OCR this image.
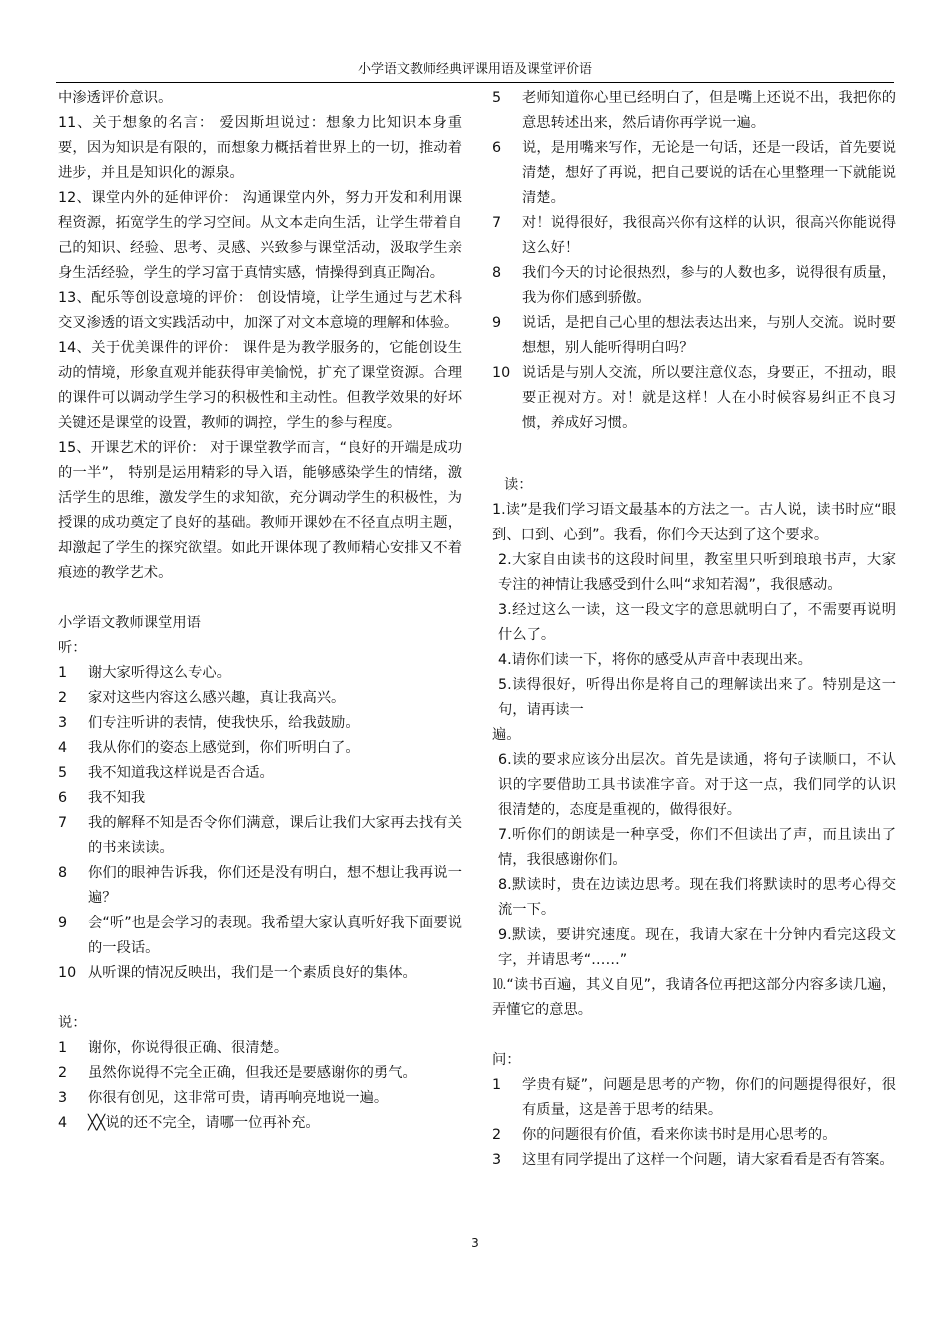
小学语文教师经典评课用语及课堂评价语

中渗透评价意识。

11、关于想象的名言： 爱因斯坦说过：想象力比知识本身重要，因为知识是有限的，而想象力概括着世界上的一切，推动着进步，并且是知识化的源泉。

12、课堂内外的延伸评价： 沟通课堂内外，努力开发和利用课程资源，拓宽学生的学习空间。从文本走向生活，让学生带着自己的知识、经验、思考、灵感、兴致参与课堂活动，汲取学生亲身生活经验，学生的学习富于真情实感，情操得到真正陶冶。

13、配乐等创设意境的评价： 创设情境，让学生通过与艺术科交叉渗透的语文实践活动中，加深了对文本意境的理解和体验。

14、关于优美课件的评价： 课件是为教学服务的，它能创设生动的情境，形象直观并能获得审美愉悦，扩充了课堂资源。合理的课件可以调动学生学习的积极性和主动性。但教学效果的好坏关键还是课堂的设置，教师的调控，学生的参与程度。

15、开课艺术的评价： 对于课堂教学而言，“良好的开端是成功的一半”， 特别是运用精彩的导入语，能够感染学生的情绪，激活学生的思维，激发学生的求知欲，充分调动学生的积极性，为授课的成功奠定了良好的基础。教师开课妙在不径直点明主题，却激起了学生的探究欲望。如此开课体现了教师精心安排又不着痕迹的教学艺术。

小学语文教师课堂用语

听：

1	谢大家听得这么专心。
2	家对这些内容这么感兴趣，真让我高兴。
3	们专注听讲的表情，使我快乐，给我鼓励。
4	我从你们的姿态上感觉到，你们听明白了。
5	我不知道我这样说是否合适。
6	我不知我
7	我的解释不知是否令你们满意，课后让我们大家再去找有关的书来读读。
8	你们的眼神告诉我，你们还是没有明白，想不想让我再说一遍？
9	会“听”也是会学习的表现。我希望大家认真听好我下面要说的一段话。
10 从听课的情况反映出，我们是一个素质良好的集体。

说：

1	谢你，你说得很正确、很清楚。
2	虽然你说得不完全正确，但我还是要感谢你的勇气。
3	你很有创见，这非常可贵，请再响亮地说一遍。
4	╳╳说的还不完全，请哪一位再补充。
5	老师知道你心里已经明白了，但是嘴上还说不出，我把你的意思转述出来，然后请你再学说一遍。
6	说，是用嘴来写作，无论是一句话，还是一段话，首先要说清楚，想好了再说，把自己要说的话在心里整理一下就能说清楚。
7	对！说得很好，我很高兴你有这样的认识，很高兴你能说得这么好！
8	我们今天的讨论很热烈，参与的人数也多，说得很有质量，我为你们感到骄傲。
9	说话，是把自己心里的想法表达出来，与别人交流。说时要想想，别人能听得明白吗？
10 说话是与别人交流，所以要注意仪态，身要正，不扭动，眼要正视对方。对！就是这样！人在小时候容易纠正不良习惯，养成好习惯。

读：

1.读”是我们学习语文最基本的方法之一。古人说，读书时应“眼到、口到、心到”。我看，你们今天达到了这个要求。

2.大家自由读书的这段时间里，教室里只听到琅琅书声，大家专注的神情让我感受到什么叫“求知若渴”，我很感动。

3.经过这么一读，这一段文字的意思就明白了，不需要再说明什么了。

4.请你们读一下，将你的感受从声音中表现出来。

5.读得很好，听得出你是将自己的理解读出来了。特别是这一句，请再读一

遍。

6.读的要求应该分出层次。首先是读通，将句子读顺口，不认识的字要借助工具书读准字音。对于这一点，我们同学的认识很清楚的，态度是重视的，做得很好。

7.听你们的朗读是一种享受，你们不但读出了声，而且读出了情，我很感谢你们。

8.默读时，贵在边读边思考。现在我们将默读时的思考心得交流一下。

9.默读，要讲究速度。现在，我请大家在十分钟内看完这段文字，并请思考“……”

⒑“读书百遍，其义自见”，我请各位再把这部分内容多读几遍，弄懂它的意思。

问：

1	学贵有疑”，问题是思考的产物，你们的问题提得很好，很有质量，这是善于思考的结果。
2	你的问题很有价值，看来你读书时是用心思考的。
3	这里有同学提出了这样一个问题，请大家看看是否有答案。
3
